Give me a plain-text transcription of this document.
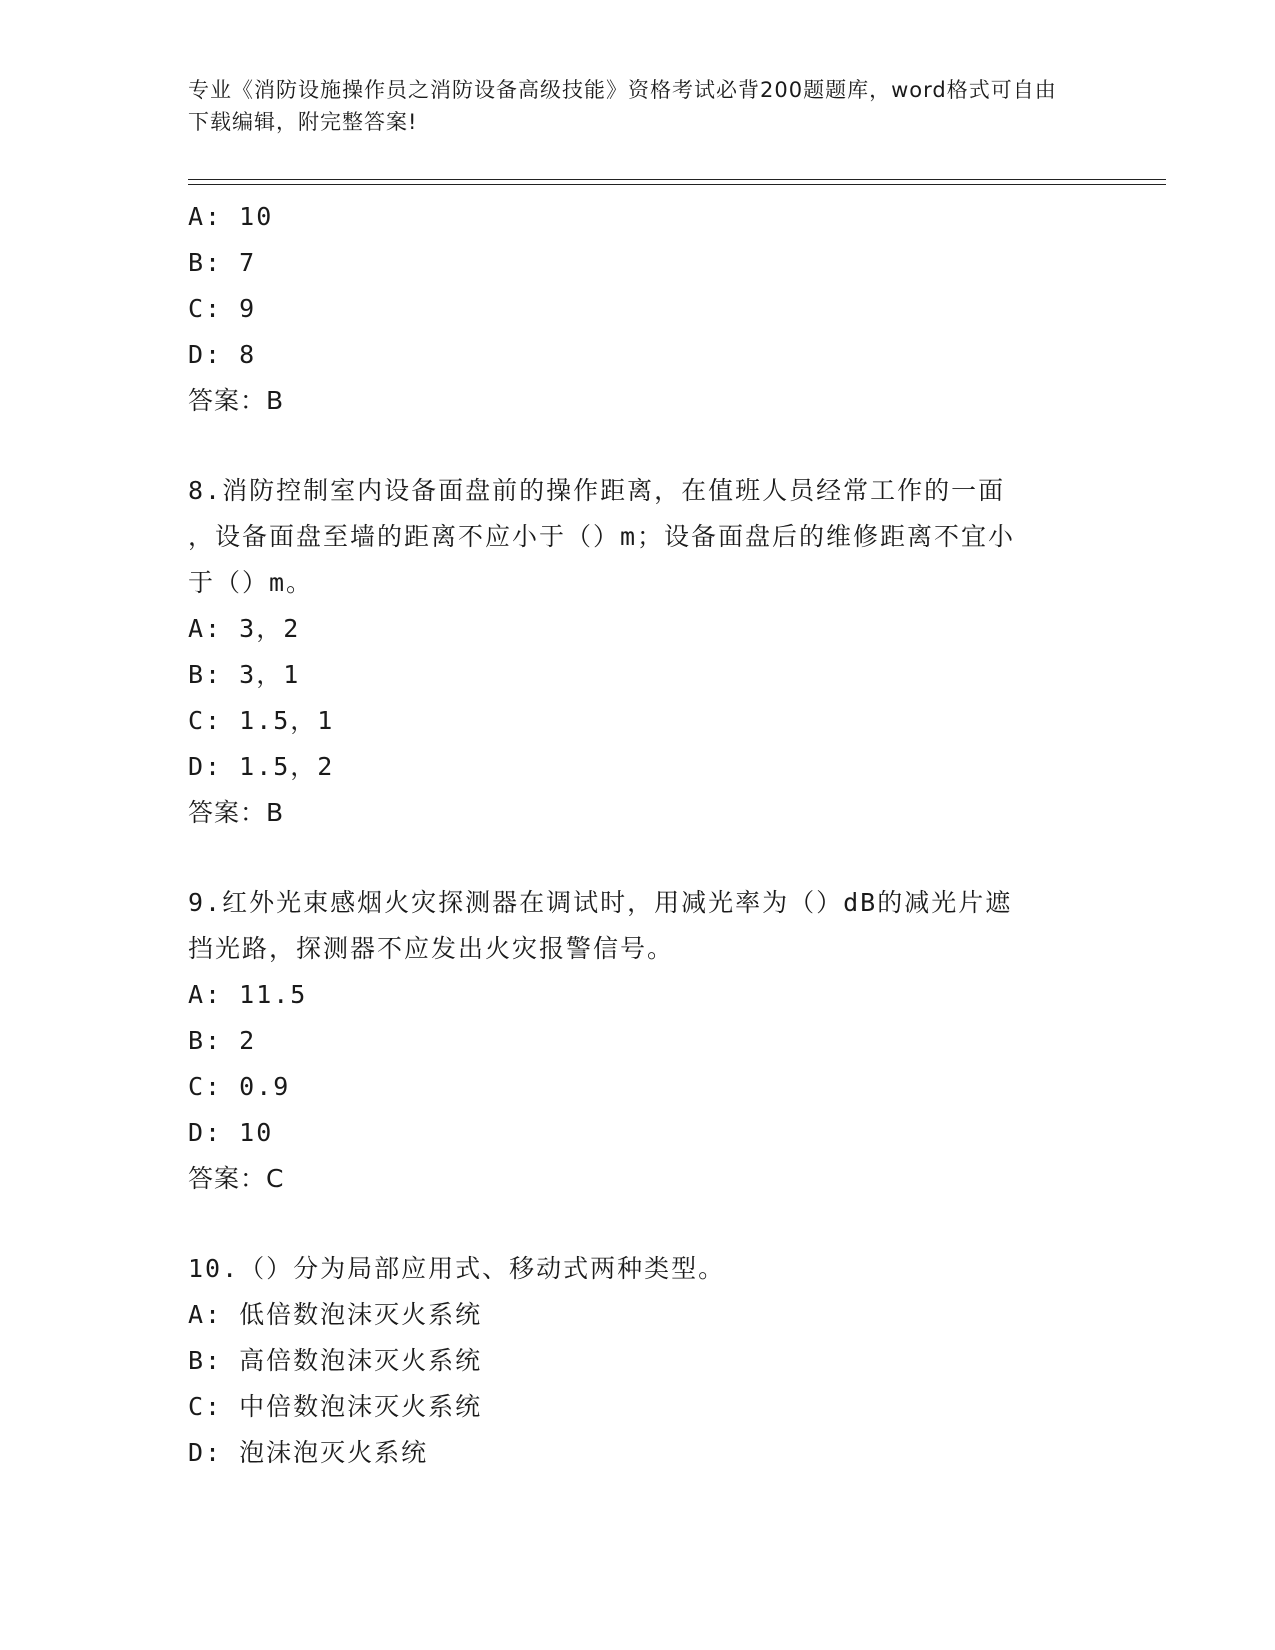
专业《消防设施操作员之消防设备高级技能》资格考试必背200题题库，word格式可自由下载编辑，附完整答案!
A: 10
B: 7
C: 9
D: 8
答案：B
8.消防控制室内设备面盘前的操作距离，在值班人员经常工作的一面
，设备面盘至墙的距离不应小于（）m；设备面盘后的维修距离不宜小
于（）m。
A: 3，2
B: 3，1
C: 1.5，1
D: 1.5，2
答案：B
9.红外光束感烟火灾探测器在调试时，用减光率为（）dB的减光片遮
挡光路，探测器不应发出火灾报警信号。
A: 11.5
B: 2
C: 0.9
D: 10
答案：C
10.（）分为局部应用式、移动式两种类型。
A: 低倍数泡沫灭火系统
B: 高倍数泡沫灭火系统
C: 中倍数泡沫灭火系统
D: 泡沫泡灭火系统
